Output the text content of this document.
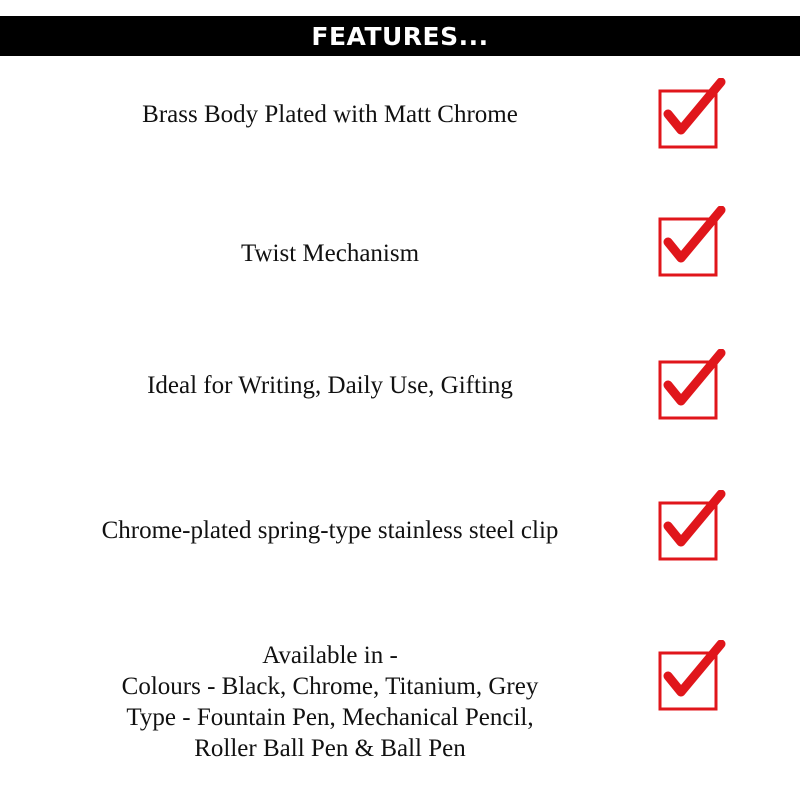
FEATURES...
Brass Body Plated with Matt Chrome
Twist Mechanism
Ideal for Writing, Daily Use, Gifting
Chrome-plated spring-type stainless steel clip
Available in -
Colours - Black, Chrome, Titanium, Grey
Type - Fountain Pen, Mechanical Pencil,
Roller Ball Pen & Ball Pen
